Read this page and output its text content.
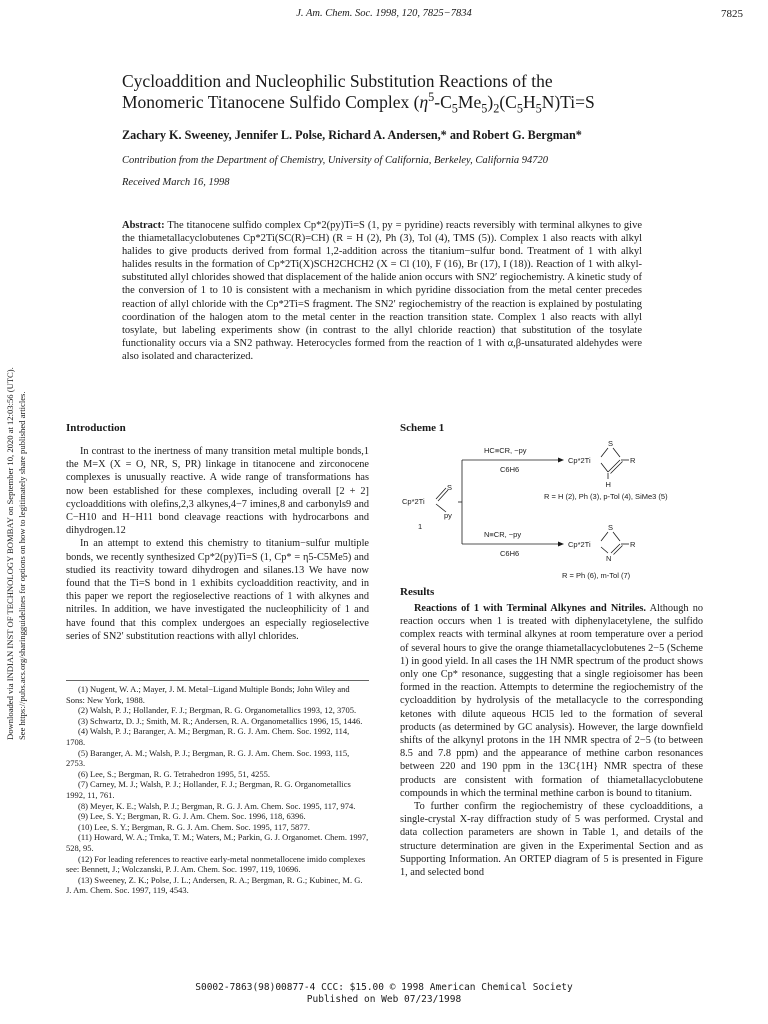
J. Am. Chem. Soc. 1998, 120, 7825−7834	7825
Cycloaddition and Nucleophilic Substitution Reactions of the
Monomeric Titanocene Sulfido Complex $(\eta^5-C_5Me_5)_2(C_5H_5N)Ti=S$
Zachary K. Sweeney, Jennifer L. Polse, Richard A. Andersen,* and Robert G. Bergman*
Contribution from the Department of Chemistry, University of California, Berkeley, California 94720
Received March 16, 1998
Abstract: The titanocene sulfido complex Cp*2(py)Ti=S (1, py = pyridine) reacts reversibly with terminal alkynes to give the thiametallacyclobutenes Cp*2Ti(SC(R)=CH) (R = H (2), Ph (3), Tol (4), TMS (5)). Complex 1 also reacts with alkyl halides to give products derived from formal 1,2-addition across the titanium−sulfur bond. Treatment of 1 with alkyl halides results in the formation of Cp*2Ti(X)SCH2CHCH2 (X = Cl (10), F (16), Br (17), I (18)). Reaction of 1 with alkyl-substituted allyl chlorides showed that displacement of the halide anion occurs with SN2′ regiochemistry. A kinetic study of the conversion of 1 to 10 is consistent with a mechanism in which pyridine dissociation from the metal center precedes reaction of allyl chloride with the Cp*2Ti=S fragment. The SN2′ regiochemistry of the reaction is explained by postulating coordination of the halogen atom to the metal center in the reaction transition state. Complex 1 also reacts with allyl tosylate, but labeling experiments show (in contrast to the allyl chloride reaction) that substitution of the tosylate functionality occurs via a SN2 pathway. Heterocycles formed from the reaction of 1 with α,β-unsaturated aldehydes were also isolated and characterized.
Downloaded via INDIAN INST OF TECHNOLOGY BOMBAY on September 10, 2020 at 12:03:56 (UTC). See https://pubs.acs.org/sharingguidelines for options on how to legitimately share published articles.	Introduction

In contrast to the inertness of many transition metal multiple bonds,1 the M=X (X = O, NR, S, PR) linkage in titanocene and zirconocene complexes is unusually reactive. A wide range of transformations has now been established for these complexes, including overall [2 + 2] cycloadditions with olefins,2,3 alkynes,4−7 imines,8 and carbonyls9 and C−H10 and H−H11 bond cleavage reactions with hydrocarbons and dihydrogen.12

In an attempt to extend this chemistry to titanium−sulfur multiple bonds, we recently synthesized Cp*2(py)Ti=S (1, Cp* = η5-C5Me5) and studied its reactivity toward dihydrogen and silanes.13 We have now found that the Ti=S bond in 1 exhibits cycloaddition reactivity, and in this paper we report the regioselective reactions of 1 with alkynes and nitriles. In addition, we have investigated the nucleophilicity of 1 and have found that this complex undergoes an especially regioselective series of SN2′ substitution reactions with allyl chlorides.

(1) Nugent, W. A.; Mayer, J. M. Metal−Ligand Multiple Bonds; John Wiley and Sons: New York, 1988.
(2) Walsh, P. J.; Hollander, F. J.; Bergman, R. G. Organometallics 1993, 12, 3705.
(3) Schwartz, D. J.; Smith, M. R.; Andersen, R. A. Organometallics 1996, 15, 1446.
(4) Walsh, P. J.; Baranger, A. M.; Bergman, R. G. J. Am. Chem. Soc. 1992, 114, 1708.
(5) Baranger, A. M.; Walsh, P. J.; Bergman, R. G. J. Am. Chem. Soc. 1993, 115, 2753.
(6) Lee, S.; Bergman, R. G. Tetrahedron 1995, 51, 4255.
(7) Carney, M. J.; Walsh, P. J.; Hollander, F. J.; Bergman, R. G. Organometallics 1992, 11, 761.
(8) Meyer, K. E.; Walsh, P. J.; Bergman, R. G. J. Am. Chem. Soc. 1995, 117, 974.
(9) Lee, S. Y.; Bergman, R. G. J. Am. Chem. Soc. 1996, 118, 6396.
(10) Lee, S. Y.; Bergman, R. G. J. Am. Chem. Soc. 1995, 117, 5877.
(11) Howard, W. A.; Trnka, T. M.; Waters, M.; Parkin, G. J. Organomet. Chem. 1997, 528, 95.
(12) For leading references to reactive early-metal nonmetallocene imido complexes see: Bennett, J.; Wolczanski, P. J. Am. Chem. Soc. 1997, 119, 10696.
(13) Sweeney, Z. K.; Polse, J. L.; Andersen, R. A.; Bergman, R. G.; Kubinec, M. G. J. Am. Chem. Soc. 1997, 119, 4543.
Scheme 1
Cp*2Ti
S
py
1
HC≡CR, −py
C6H6
N≡CR, −py
C6H6
Cp*2Ti
S
R
H
R = H (2), Ph (3), p-Tol (4), SiMe3 (5)
Cp*2Ti
S
R
N
R = Ph (6), m-Tol (7)
Results

Reactions of 1 with Terminal Alkynes and Nitriles. Although no reaction occurs when 1 is treated with diphenylacetylene, the sulfido complex reacts with terminal alkynes at room temperature over a period of several hours to give the orange thiametallacyclobutenes 2−5 (Scheme 1) in good yield. In all cases the 1H NMR spectrum of the product shows only one Cp* resonance, suggesting that a single regioisomer has been formed in the reaction. Attempts to determine the regiochemistry of the cycloaddition by hydrolysis of the metallacycle to the corresponding ketones with dilute aqueous HCl5 led to the formation of several products (as determined by GC analysis). However, the large downfield shifts of the alkynyl protons in the 1H NMR spectra of 2−5 (to between 8.5 and 7.8 ppm) and the appearance of methine carbon resonances between 220 and 190 ppm in the 13C{1H} NMR spectra of these products are consistent with formation of thiametallacyclobutene compounds in which the terminal methine carbon is bound to titanium.

To further confirm the regiochemistry of these cycloadditions, a single-crystal X-ray diffraction study of 5 was performed. Crystal and data collection parameters are shown in Table 1, and details of the structure determination are given in the Experimental Section and as Supporting Information. An ORTEP diagram of 5 is presented in Figure 1, and selected bond

S0002-7863(98)00877-4 CCC: $15.00 © 1998 American Chemical Society
Published on Web 07/23/1998
